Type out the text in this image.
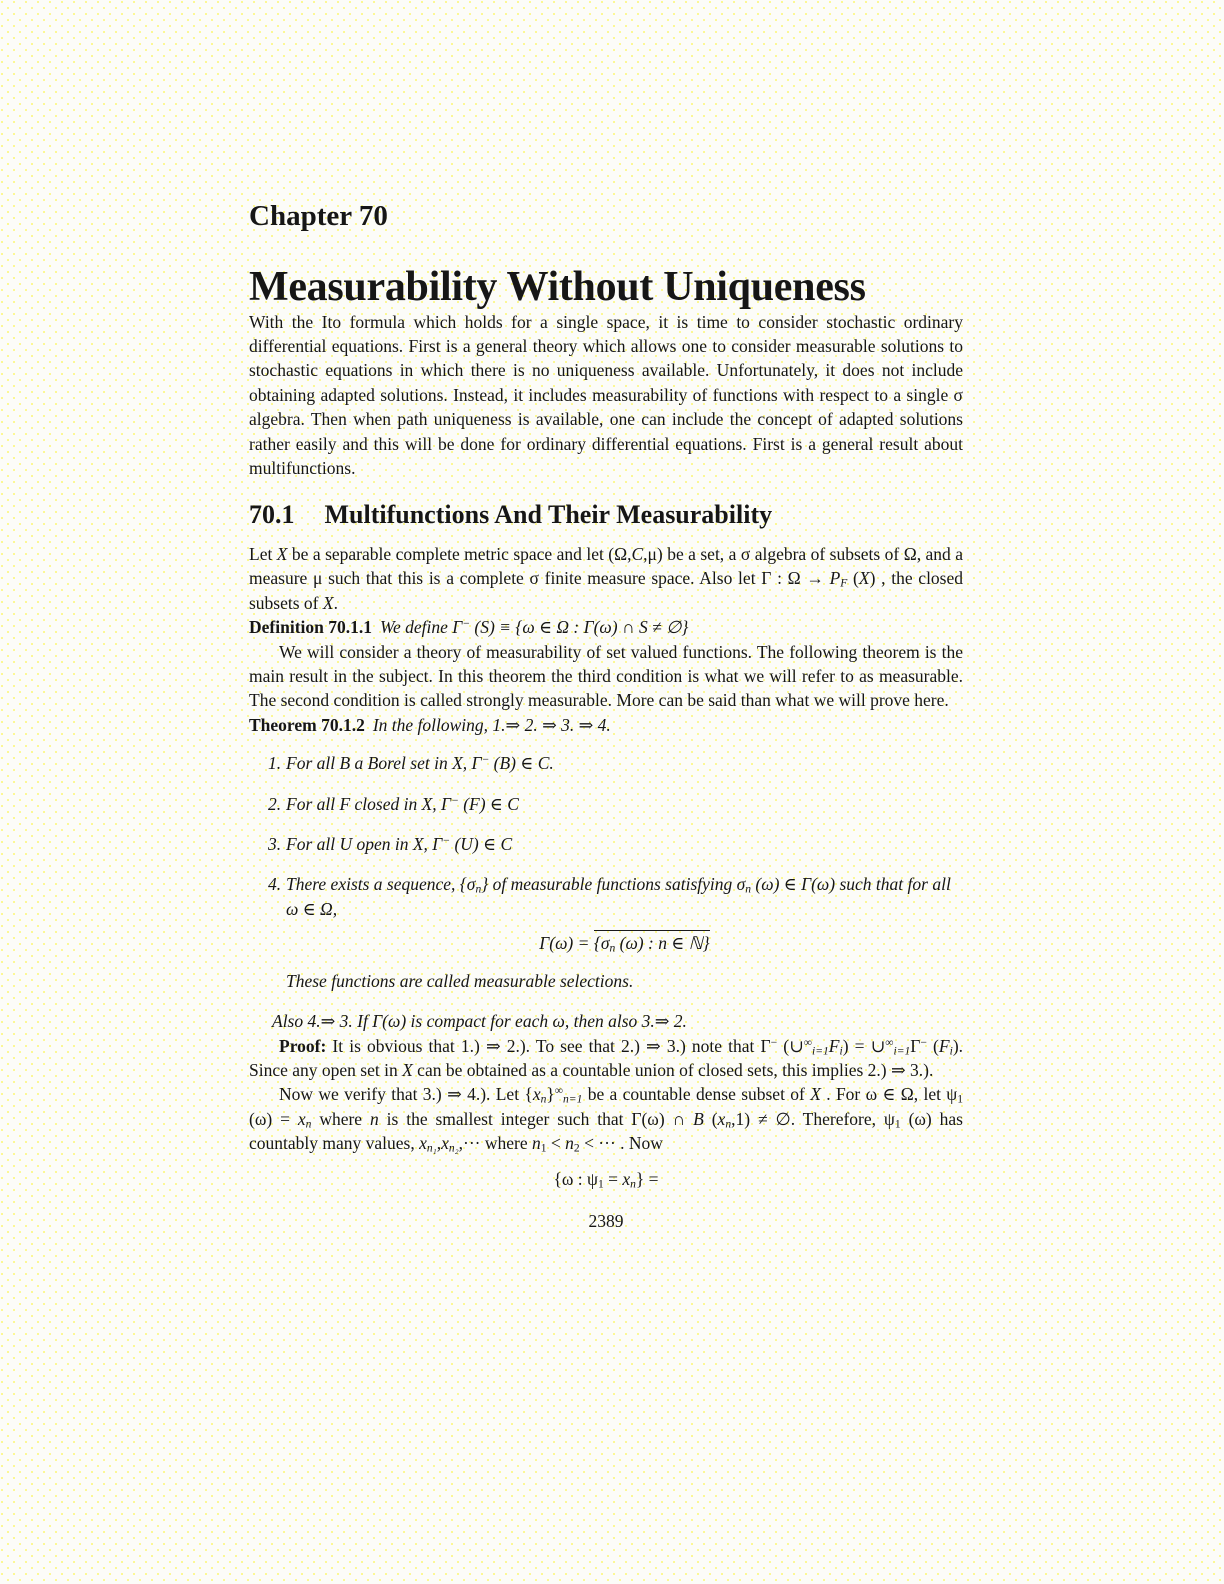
Chapter 70
Measurability Without Uniqueness

With the Ito formula which holds for a single space, it is time to consider stochastic ordinary differential equations. First is a general theory which allows one to consider measurable solutions to stochastic equations in which there is no uniqueness available. Unfortunately, it does not include obtaining adapted solutions. Instead, it includes measurability of functions with respect to a single σ algebra. Then when path uniqueness is available, one can include the concept of adapted solutions rather easily and this will be done for ordinary differential equations. First is a general result about multifunctions.

70.1 Multifunctions And Their Measurability

Let X be a separable complete metric space and let (Ω,C,μ) be a set, a σ algebra of subsets of Ω, and a measure μ such that this is a complete σ finite measure space. Also let Γ : $\Omega \to P_F$ (X) , the closed subsets of X.

Definition 70.1.1 We define Γ− (S) ≡ {ω ∈ Ω : Γ(ω) ∩ S ≠ ∅}

We will consider a theory of measurability of set valued functions. The following theorem is the main result in the subject. In this theorem the third condition is what we will refer to as measurable. The second condition is called strongly measurable. More can be said than what we will prove here.

Theorem 70.1.2 In the following, 1.⇒ 2. ⇒ 3. ⇒ 4.

1. For all B a Borel set in X, Γ− (B) ∈ C.
2. For all F closed in X, Γ− (F) ∈ C
3. For all U open in X, Γ− (U) ∈ C
4. There exists a sequence, $\{\sigma_n\}$ of measurable functions satisfying $\sigma_n$ (ω) ∈ Γ(ω) such that for all ω ∈ Ω,
$\Gamma(\omega) = \{\sigma_n$ (ω) : n ∈ ℕ}
These functions are called measurable selections.

Also 4.⇒ 3. If Γ(ω) is compact for each ω, then also 3.⇒ 2.

Proof: It is obvious that 1.) ⇒ 2.). To see that 2.) ⇒ 3.) note that Γ− $(\cup^\infty_{i=1}F_i)$ = $\cup^\infty_{i=1}\Gamma^-$ $(F_i)$. Since any open set in X can be obtained as a countable union of closed sets, this implies 2.) ⇒ 3.).

Now we verify that 3.) ⇒ 4.). Let $\{x_n\}^\infty_{n=1}$ be a countable dense subset of X . For ω ∈ Ω, let $\psi_1$ $(\omega) = x_n$ where n is the smallest integer such that Γ(ω) ∩ B $(x_n,1)$ ≠ ∅. Therefore, $\psi_1$ (ω) has countably many values, $x_{n_1},x_{n_2},\cdot\cdot\cdot$ where $n_1 < n_2$ < ··· . Now

{ω : $\psi_1 = x_n$} =
2389
